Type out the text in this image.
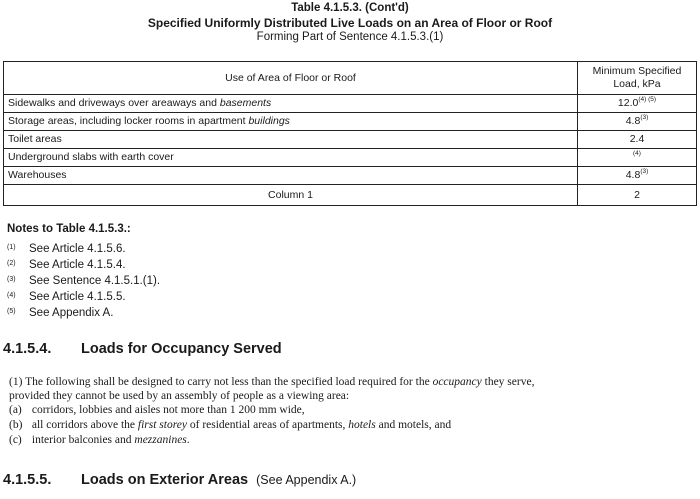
Table 4.1.5.3. (Cont'd)
Specified Uniformly Distributed Live Loads on an Area of Floor or Roof
Forming Part of Sentence 4.1.5.3.(1)
Use of Area of Floor or Roof	Minimum Specified
Load, kPa
Sidewalks and driveways over areaways and basements	$12.0^{(4) (5)}$
Storage areas, including locker rooms in apartment buildings	4.8$^{(3)}$
Toilet areas	2.4
Underground slabs with earth cover	$^{(4)}$
Warehouses	4.8$^{(3)}$
Column 1	2
Notes to Table 4.1.5.3.:
(1) See Article 4.1.5.6.
(2) See Article 4.1.5.4.
(3) See Sentence 4.1.5.1.(1).
(4) See Article 4.1.5.5.
(5) See Appendix A.
4.1.5.4. Loads for Occupancy Served
(1) The following shall be designed to carry not less than the specified load required for the occupancy they serve,
provided they cannot be used by an assembly of people as a viewing area:
(a) corridors, lobbies and aisles not more than 1 200 mm wide,
(b) all corridors above the first storey of residential areas of apartments, hotels and motels, and
(c) interior balconies and mezzanines.
4.1.5.5. Loads on Exterior Areas (See Appendix A.)
